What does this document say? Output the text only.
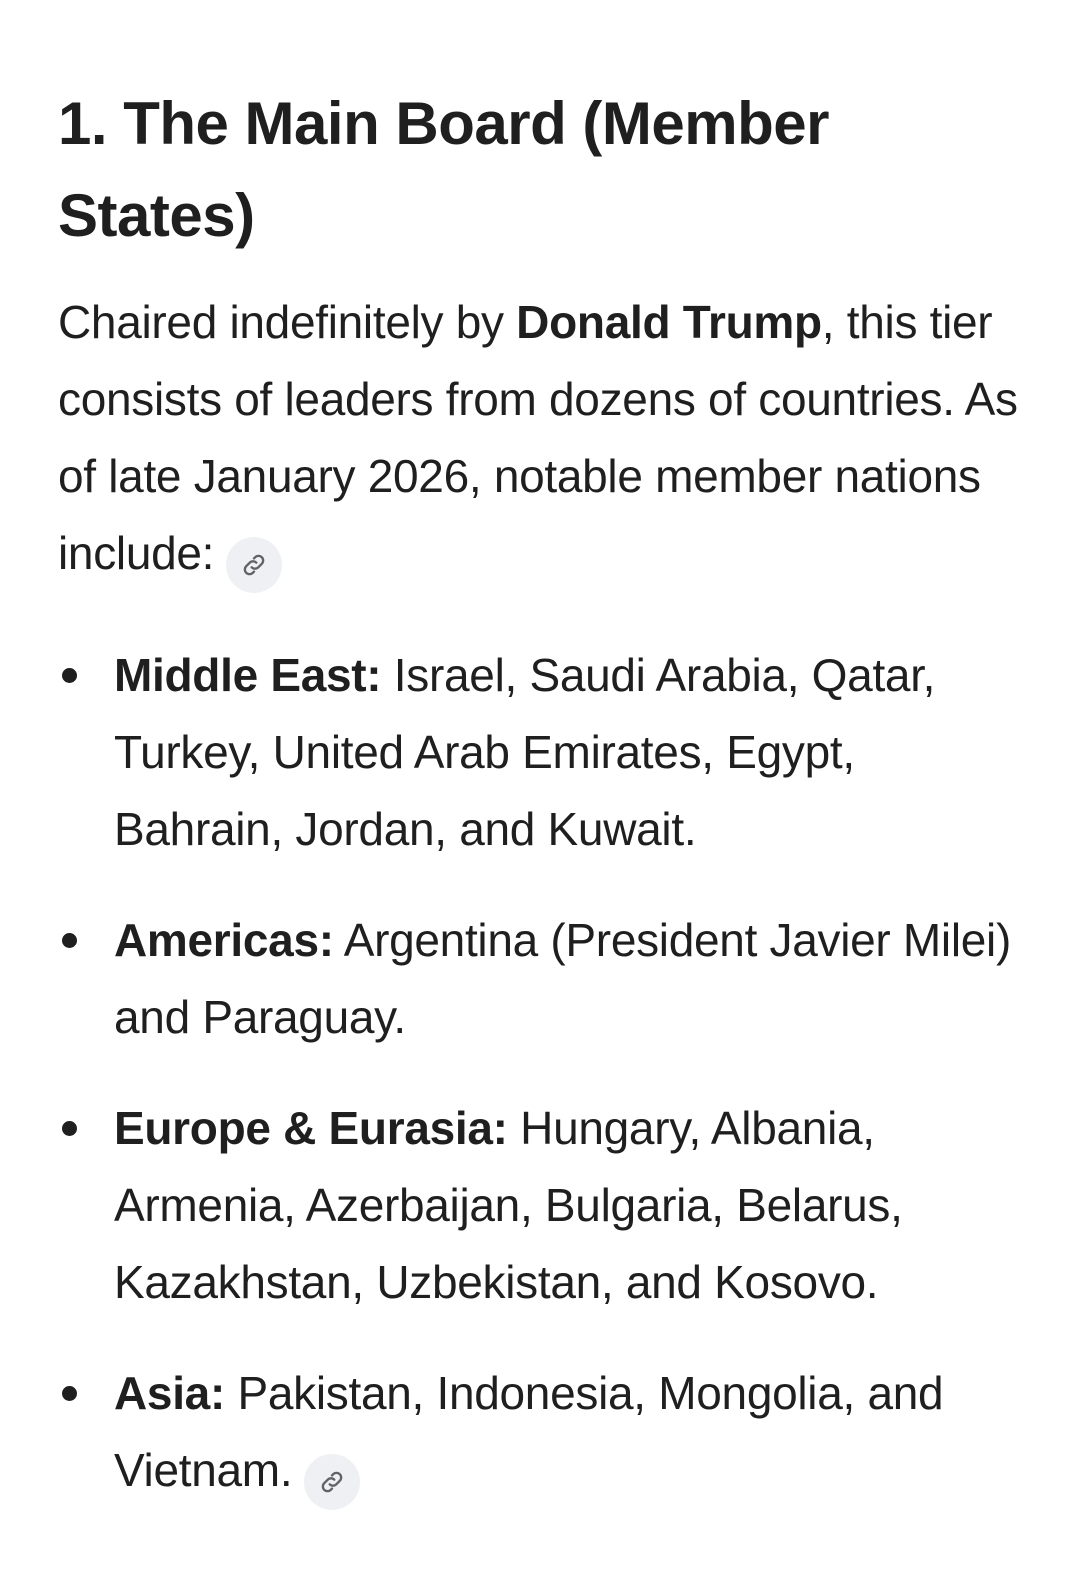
1. The Main Board (Member States)

Chaired indefinitely by Donald Trump, this tier consists of leaders from dozens of countries. As of late January 2026, notable member nations include:

Middle East: Israel, Saudi Arabia, Qatar, Turkey, United Arab Emirates, Egypt, Bahrain, Jordan, and Kuwait.
Americas: Argentina (President Javier Milei) and Paraguay.
Europe & Eurasia: Hungary, Albania, Armenia, Azerbaijan, Bulgaria, Belarus, Kazakhstan, Uzbekistan, and Kosovo.
Asia: Pakistan, Indonesia, Mongolia, and Vietnam.
